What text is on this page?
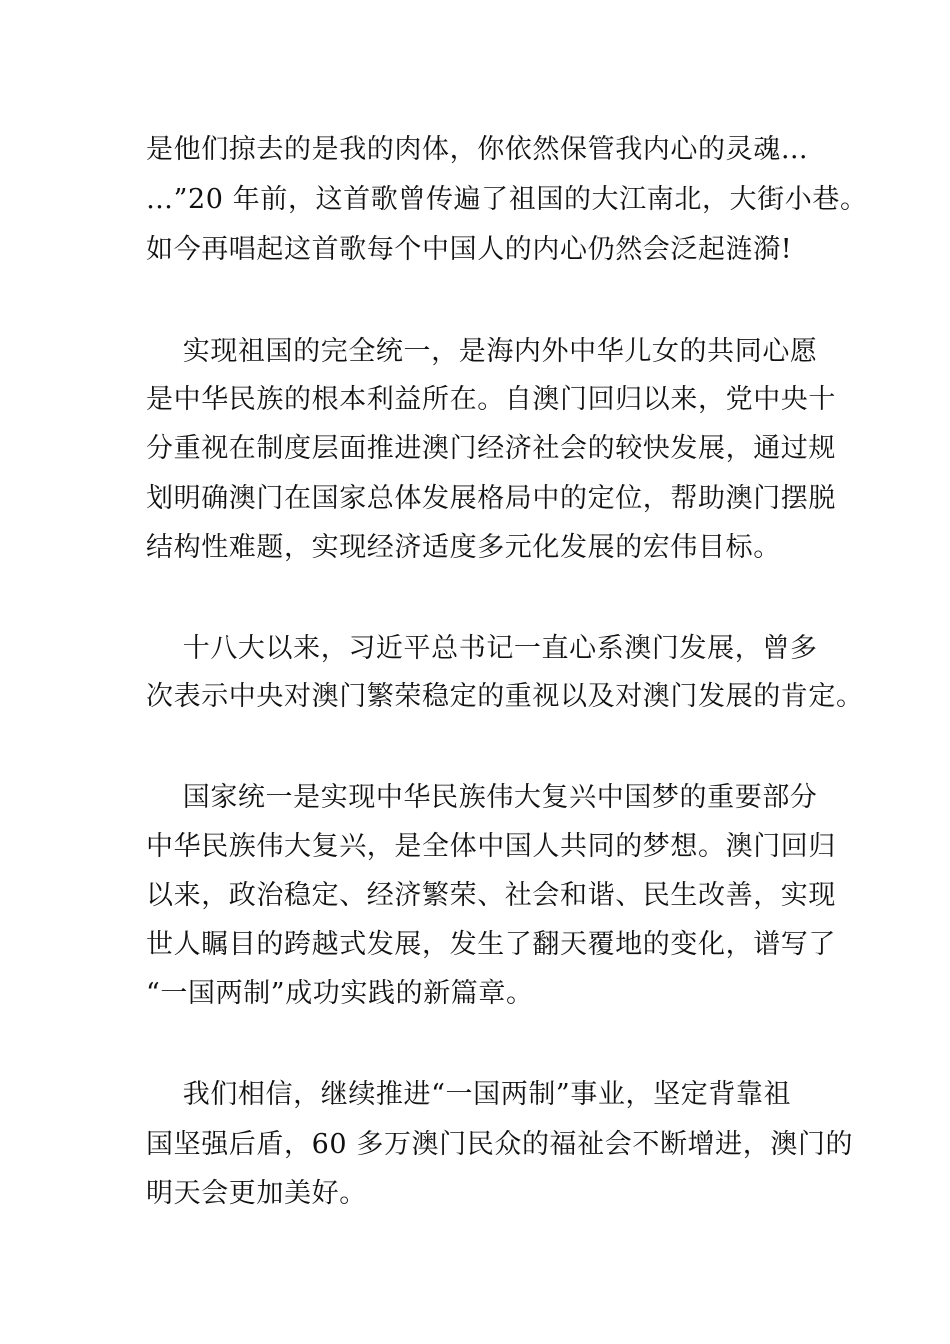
是他们掠去的是我的肉体，你依然保管我内心的灵魂…
…”20 年前，这首歌曾传遍了祖国的大江南北，大街小巷。
如今再唱起这首歌每个中国人的内心仍然会泛起涟漪!
实现祖国的完全统一，是海内外中华儿女的共同心愿
是中华民族的根本利益所在。自澳门回归以来，党中央十
分重视在制度层面推进澳门经济社会的较快发展，通过规
划明确澳门在国家总体发展格局中的定位，帮助澳门摆脱
结构性难题，实现经济适度多元化发展的宏伟目标。
十八大以来，习近平总书记一直心系澳门发展，曾多
次表示中央对澳门繁荣稳定的重视以及对澳门发展的肯定。
国家统一是实现中华民族伟大复兴中国梦的重要部分
中华民族伟大复兴，是全体中国人共同的梦想。澳门回归
以来，政治稳定、经济繁荣、社会和谐、民生改善，实现
世人瞩目的跨越式发展，发生了翻天覆地的变化，谱写了
“一国两制”成功实践的新篇章。
我们相信，继续推进“一国两制”事业，坚定背靠祖
国坚强后盾，60 多万澳门民众的福祉会不断增进，澳门的
明天会更加美好。
